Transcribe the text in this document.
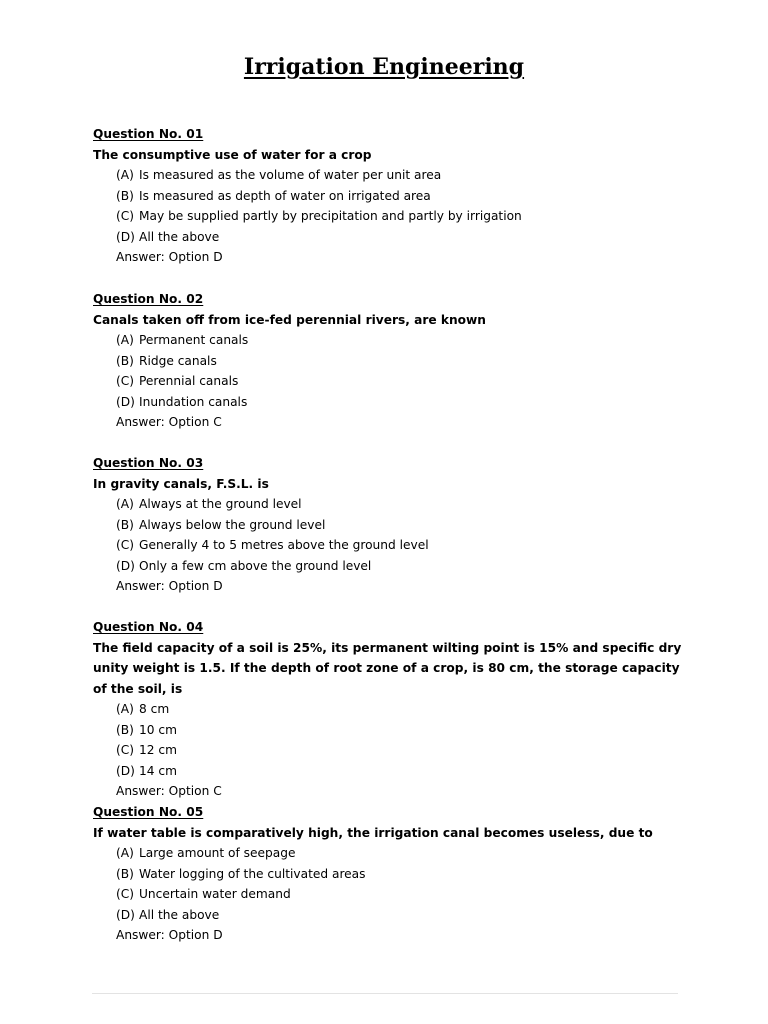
Irrigation Engineering
Question No. 01
The consumptive use of water for a crop
(A) Is measured as the volume of water per unit area
(B) Is measured as depth of water on irrigated area
(C) May be supplied partly by precipitation and partly by irrigation
(D) All the above
Answer: Option D
Question No. 02
Canals taken off from ice-fed perennial rivers, are known
(A) Permanent canals
(B) Ridge canals
(C) Perennial canals
(D) Inundation canals
Answer: Option C
Question No. 03
In gravity canals, F.S.L. is
(A) Always at the ground level
(B) Always below the ground level
(C) Generally 4 to 5 metres above the ground level
(D) Only a few cm above the ground level
Answer: Option D
Question No. 04
The field capacity of a soil is 25%, its permanent wilting point is 15% and specific dry unity weight is 1.5. If the depth of root zone of a crop, is 80 cm, the storage capacity of the soil, is
(A) 8 cm
(B) 10 cm
(C) 12 cm
(D) 14 cm
Answer: Option C
Question No. 05
If water table is comparatively high, the irrigation canal becomes useless, due to
(A) Large amount of seepage
(B) Water logging of the cultivated areas
(C) Uncertain water demand
(D) All the above
Answer: Option D
